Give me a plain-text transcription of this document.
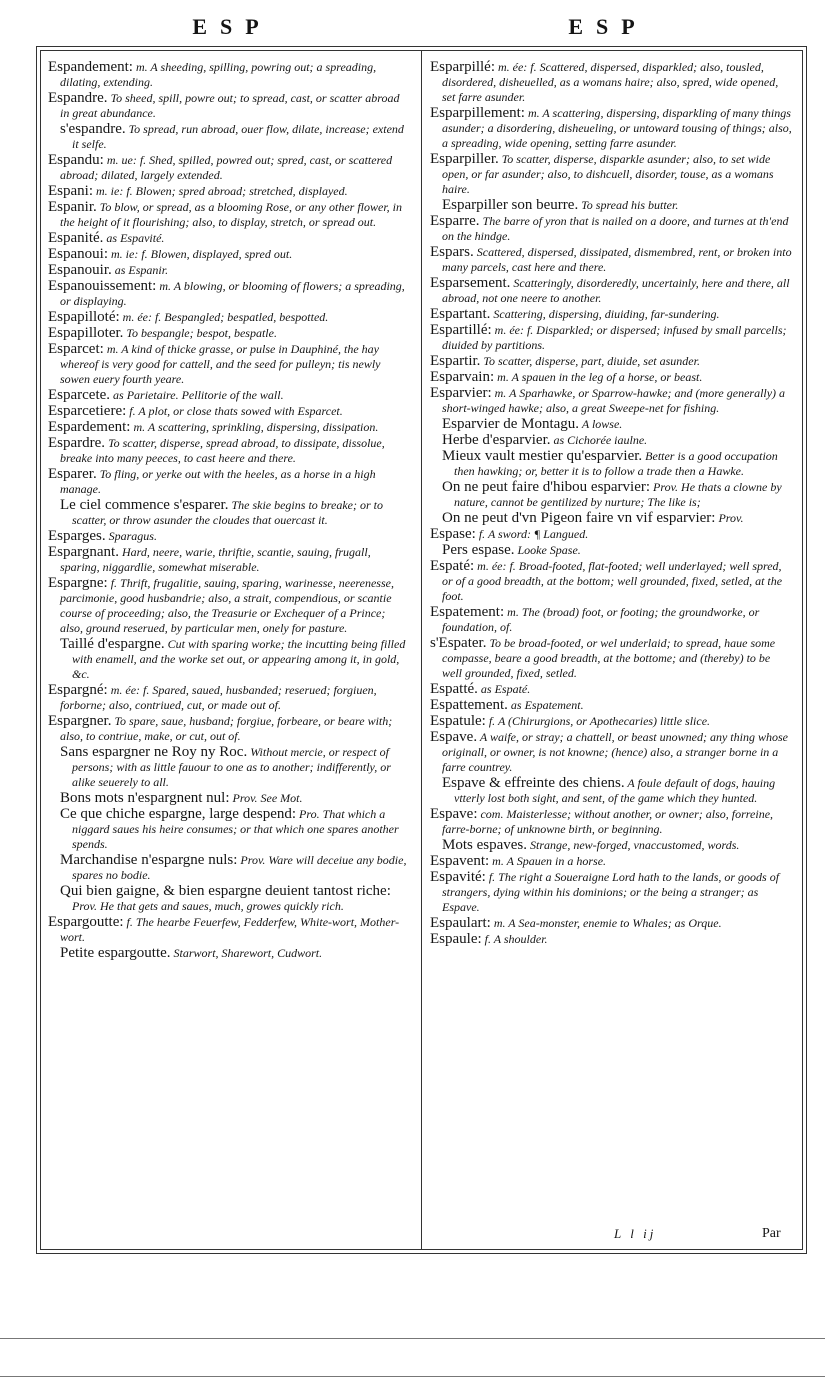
ESP	ESP
Espandement: m. A sheeding, spilling, powring out; a spreading, dilating, extending.
Espandre. To sheed, spill, powre out; to spread, cast, or scatter abroad in great abundance.
s'espandre. To spread, run abroad, ouer flow, dilate, increase; extend it selfe.
Espandu: m. ue: f. Shed, spilled, powred out; spred, cast, or scattered abroad; dilated, largely extended.
Espani: m. ie: f. Blowen; spred abroad; stretched, displayed.
Espanir. To blow, or spread, as a blooming Rose, or any other flower, in the height of it flourishing; also, to display, stretch, or spread out.
Espanité. as Espavité.
Espanoui: m. ie: f. Blowen, displayed, spred out.
Espanouir. as Espanir.
Espanouissement: m. A blowing, or blooming of flowers; a spreading, or displaying.
Espapilloté: m. ée: f. Bespangled; bespatled, bespotted.
Espapilloter. To bespangle; bespot, bespatle.
Esparcet: m. A kind of thicke grasse, or pulse in Dauphiné, the hay whereof is very good for cattell, and the seed for pulleyn; tis newly sowen euery fourth yeare.
Esparcete. as Parietaire. Pellitorie of the wall.
Esparcetiere: f. A plot, or close thats sowed with Esparcet.
Espardement: m. A scattering, sprinkling, dispersing, dissipation.
Espardre. To scatter, disperse, spread abroad, to dissipate, dissolue, breake into many peeces, to cast heere and there.
Esparer. To fling, or yerke out with the heeles, as a horse in a high manage.
Le ciel commence s'esparer. The skie begins to breake; or to scatter, or throw asunder the cloudes that ouercast it.
Esparges. Sparagus.
Espargnant. Hard, neere, warie, thriftie, scantie, sauing, frugall, sparing, niggardlie, somewhat miserable.
Espargne: f. Thrift, frugalitie, sauing, sparing, warinesse, neerenesse, parcimonie, good husbandrie; also, a strait, compendious, or scantie course of proceeding; also, the Treasurie or Exchequer of a Prince; also, ground reserued, by particular men, onely for pasture.
Taillé d'espargne. Cut with sparing worke; the incutting being filled with enamell, and the worke set out, or appearing among it, in gold, &c.
Espargné: m. ée: f. Spared, saued, husbanded; reserued; forgiuen, forborne; also, contriued, cut, or made out of.
Espargner. To spare, saue, husband; forgiue, forbeare, or beare with; also, to contriue, make, or cut, out of.
Sans espargner ne Roy ny Roc. Without mercie, or respect of persons; with as little fauour to one as to another; indifferently, or alike seuerely to all.
Bons mots n'espargnent nul: Prov. See Mot.
Ce que chiche espargne, large despend: Pro. That which a niggard saues his heire consumes; or that which one spares another spends.
Marchandise n'espargne nuls: Prov. Ware will deceiue any bodie, spares no bodie.
Qui bien gaigne, & bien espargne deuient tantost riche: Prov. He that gets and saues, much, growes quickly rich.
Espargoutte: f. The hearbe Feuerfew, Fedderfew, White-wort, Mother-wort.
Petite espargoutte. Starwort, Sharewort, Cudwort.
Esparpillé: m. ée: f. Scattered, dispersed, disparkled; also, tousled, disordered, disheuelled, as a womans haire; also, spred, wide opened, set farre asunder.
Esparpillement: m. A scattering, dispersing, disparkling of many things asunder; a disordering, disheueling, or untoward tousing of things; also, a spreading, wide opening, setting farre asunder.
Esparpiller. To scatter, disperse, disparkle asunder; also, to set wide open, or far asunder; also, to dishcuell, disorder, touse, as a womans haire.
Esparpiller son beurre. To spread his butter.
Esparre. The barre of yron that is nailed on a doore, and turnes at th'end on the hindge.
Espars. Scattered, dispersed, dissipated, dismembred, rent, or broken into many parcels, cast here and there.
Esparsement. Scatteringly, disorderedly, uncertainly, here and there, all abroad, not one neere to another.
Espartant. Scattering, dispersing, diuiding, far-sundering.
Espartillé: m. ée: f. Disparkled; or dispersed; infused by small parcells; diuided by partitions.
Espartir. To scatter, disperse, part, diuide, set asunder.
Esparvain: m. A spauen in the leg of a horse, or beast.
Esparvier: m. A Sparhawke, or Sparrow-hawke; and (more generally) a short-winged hawke; also, a great Sweepe-net for fishing.
Esparvier de Montagu. A lowse.
Herbe d'esparvier. as Cichorée iaulne.
Mieux vault mestier qu'esparvier. Better is a good occupation then hawking; or, better it is to follow a trade then a Hawke.
On ne peut faire d'hibou esparvier: Prov. He thats a clowne by nature, cannot be gentilized by nurture; The like is;
On ne peut d'vn Pigeon faire vn vif esparvier: Prov.
Espase: f. A sword: ¶ Langued.
Pers espase. Looke Spase.
Espaté: m. ée: f. Broad-footed, flat-footed; well underlayed; well spred, or of a good breadth, at the bottom; well grounded, fixed, setled, at the foot.
Espatement: m. The (broad) foot, or footing; the groundworke, or foundation, of.
s'Espater. To be broad-footed, or wel underlaid; to spread, haue some compasse, beare a good breadth, at the bottome; and (thereby) to be well grounded, fixed, setled.
Espatté. as Espaté.
Espattement. as Espatement.
Espatule: f. A (Chirurgions, or Apothecaries) little slice.
Espave. A waife, or stray; a chattell, or beast unowned; any thing whose originall, or owner, is not knowne; (hence) also, a stranger borne in a farre countrey.
Espave & effreinte des chiens. A foule default of dogs, hauing vtterly lost both sight, and sent, of the game which they hunted.
Espave: com. Maisterlesse; without another, or owner; also, forreine, farre-borne; of unknowne birth, or beginning.
Mots espaves. Strange, new-forged, vnaccustomed, words.
Espavent: m. A Spauen in a horse.
Espavité: f. The right a Soueraigne Lord hath to the lands, or goods of strangers, dying within his dominions; or the being a stranger; as Espave.
Espaulart: m. A Sea-monster, enemie to Whales; as Orque.
Espaule: f. A shoulder.
L l ij	Par
